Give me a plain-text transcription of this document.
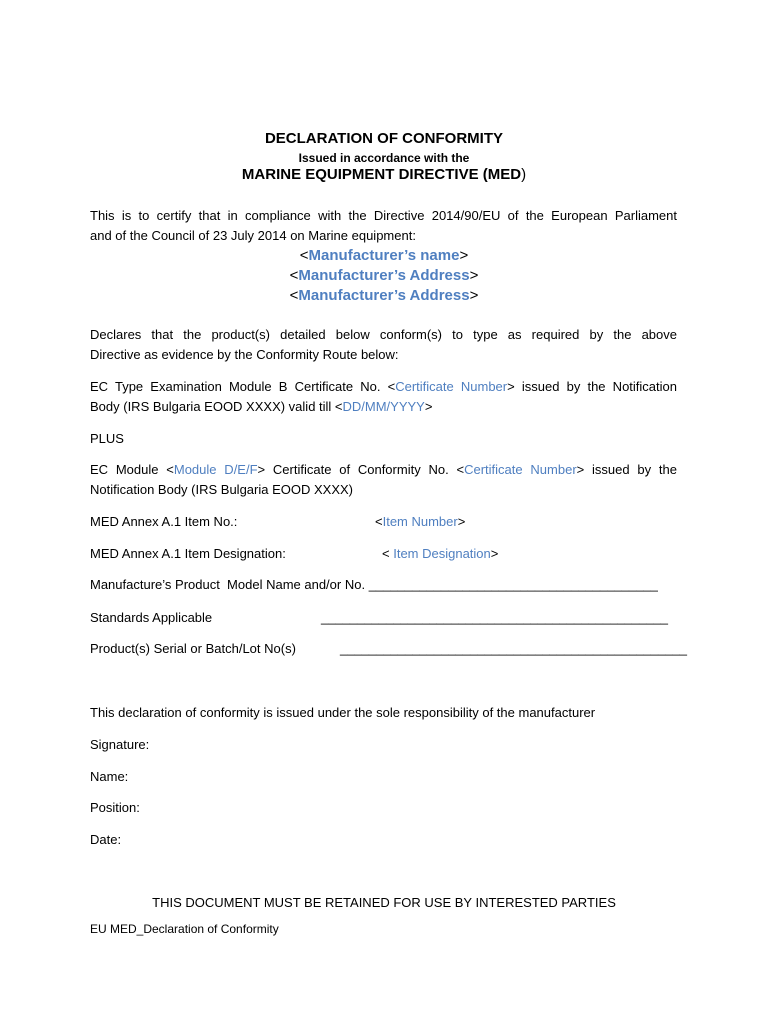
DECLARATION OF CONFORMITY
Issued in accordance with the
MARINE EQUIPMENT DIRECTIVE (MED)
This is to certify that in compliance with the Directive 2014/90/EU of the European Parliament
and of the Council of 23 July 2014 on Marine equipment:
<Manufacturer’s name>
<Manufacturer’s Address>
<Manufacturer’s Address>
Declares that the product(s) detailed below conform(s) to type as required by the above
Directive as evidence by the Conformity Route below:
EC Type Examination Module B Certificate No. <Certificate Number> issued by the Notification
Body (IRS Bulgaria EOOD XXXX) valid till <DD/MM/YYYY>
PLUS
EC Module <Module D/E/F> Certificate of Conformity No. <Certificate Number> issued by the
Notification Body (IRS Bulgaria EOOD XXXX)
MED Annex A.1 Item No.:	<Item Number>
MED Annex A.1 Item Designation:	< Item Designation>
Manufacture’s Product  Model Name and/or No. ________________________________________
Standards Applicable	________________________________________________
Product(s) Serial or Batch/Lot No(s)	________________________________________________
This declaration of conformity is issued under the sole responsibility of the manufacturer
Signature:
Name:
Position:
Date:
THIS DOCUMENT MUST BE RETAINED FOR USE BY INTERESTED PARTIES
EU MED_Declaration of Conformity
